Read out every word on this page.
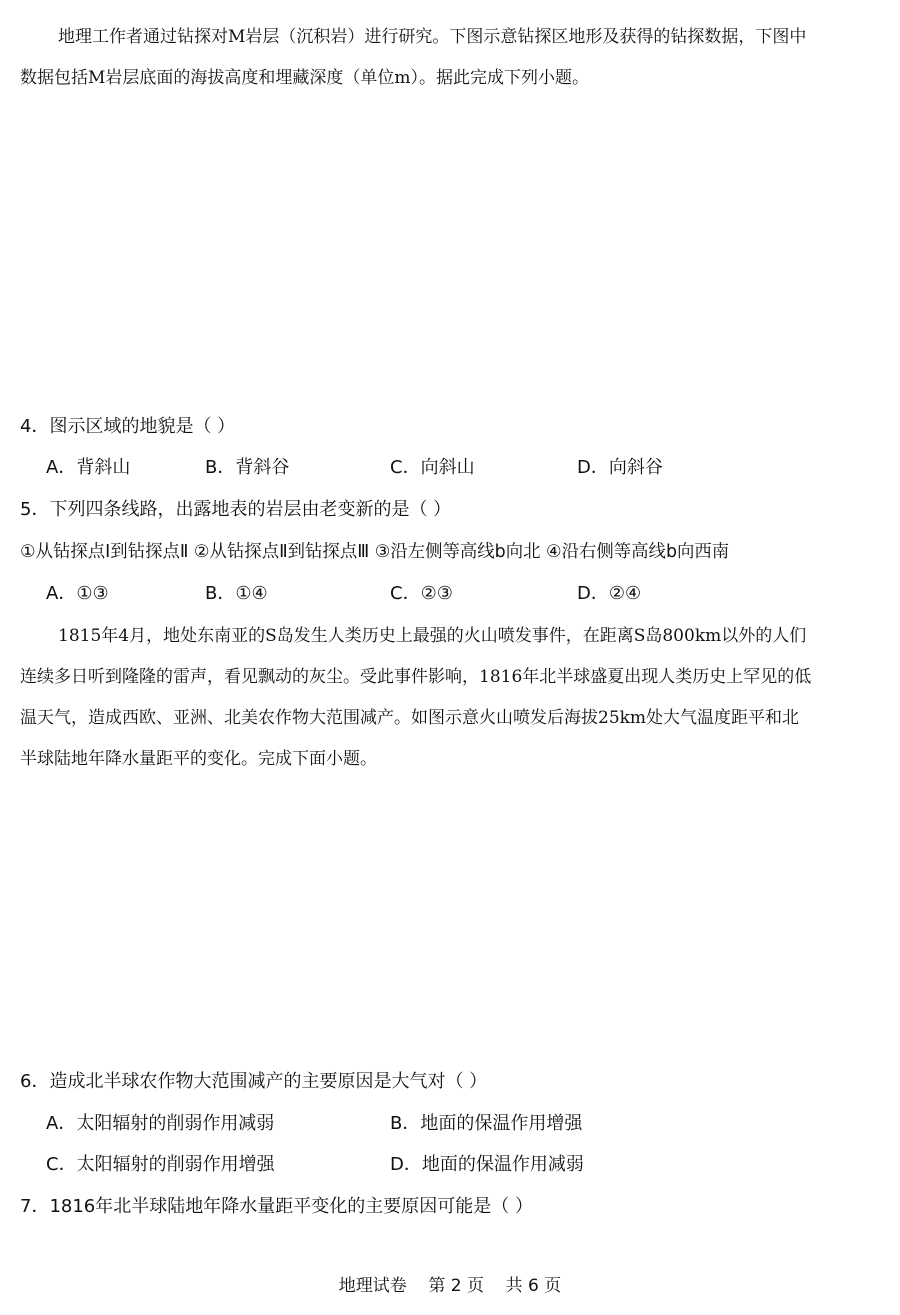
地理工作者通过钻探对M岩层（沉积岩）进行研究。下图示意钻探区地形及获得的钻探数据，下图中
数据包括M岩层底面的海拔高度和埋藏深度（单位m）。据此完成下列小题。
4．图示区域的地貌是（ ）
A．背斜山	B．背斜谷	C．向斜山	D．向斜谷
5．下列四条线路，出露地表的岩层由老变新的是（ ）
①从钻探点Ⅰ到钻探点Ⅱ ②从钻探点Ⅱ到钻探点Ⅲ ③沿左侧等高线b向北 ④沿右侧等高线b向西南
A．①③	B．①④	C．②③	D．②④
1815年4月，地处东南亚的S岛发生人类历史上最强的火山喷发事件，在距离S岛800km以外的人们
连续多日听到隆隆的雷声，看见飘动的灰尘。受此事件影响，1816年北半球盛夏出现人类历史上罕见的低
温天气，造成西欧、亚洲、北美农作物大范围减产。如图示意火山喷发后海拔25km处大气温度距平和北
半球陆地年降水量距平的变化。完成下面小题。
6．造成北半球农作物大范围减产的主要原因是大气对（ ）
A．太阳辐射的削弱作用减弱	B．地面的保温作用增强
C．太阳辐射的削弱作用增强	D．地面的保温作用减弱
7．1816年北半球陆地年降水量距平变化的主要原因可能是（ ）
地理试卷    第 2 页    共 6 页
